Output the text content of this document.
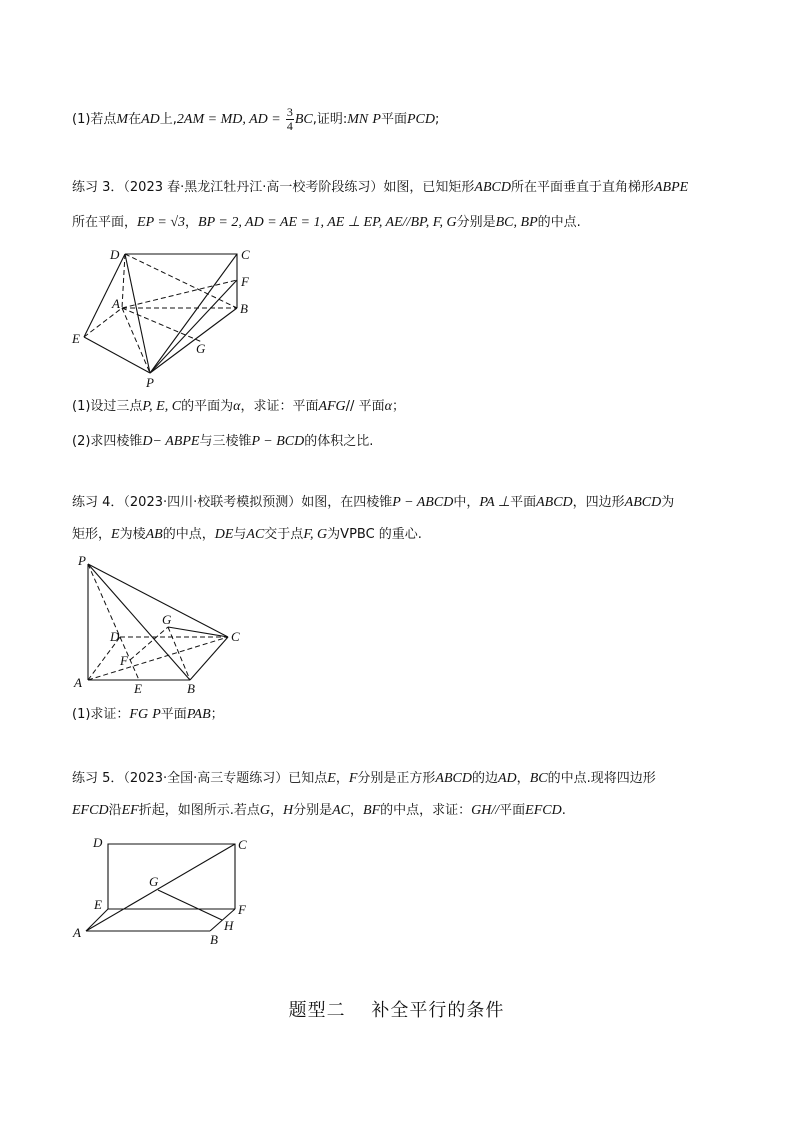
(1)若点M在AD上,2AM = MD, AD = $\frac{3}{4}$ BC,证明:MN P平面PCD;
练习 3．（2023 春·黑龙江牡丹江·高一校考阶段练习）如图，已知矩形ABCD所在平面垂直于直角梯形ABPE
所在平面，EP = √3，BP = 2, AD = AE = 1, AE ⊥ EP, AE//BP, F, G分别是BC, BP的中点.
D	C
F
A	B
E
G
P
(1)设过三点P, E, C的平面为α，求证：平面AFG// 平面α；
(2)求四棱锥D− ABPE与三棱锥P − BCD的体积之比.
练习 4．（2023·四川·校联考模拟预测）如图，在四棱锥P − ABCD中，PA ⊥平面ABCD，四边形ABCD为
矩形，E为棱AB的中点，DE与AC交于点F, G为VPBC 的重心.
P
G
D	C
F
A	E	B
(1)求证：FG P平面PAB；
练习 5．（2023·全国·高三专题练习）已知点E，F分别是正方形ABCD的边AD，BC的中点.现将四边形
EFCD沿EF折起，如图所示.若点G，H分别是AC，BF的中点，求证：GH//平面EFCD.
D	C
G
E	F
A	H
B
题型二　 补全平行的条件
